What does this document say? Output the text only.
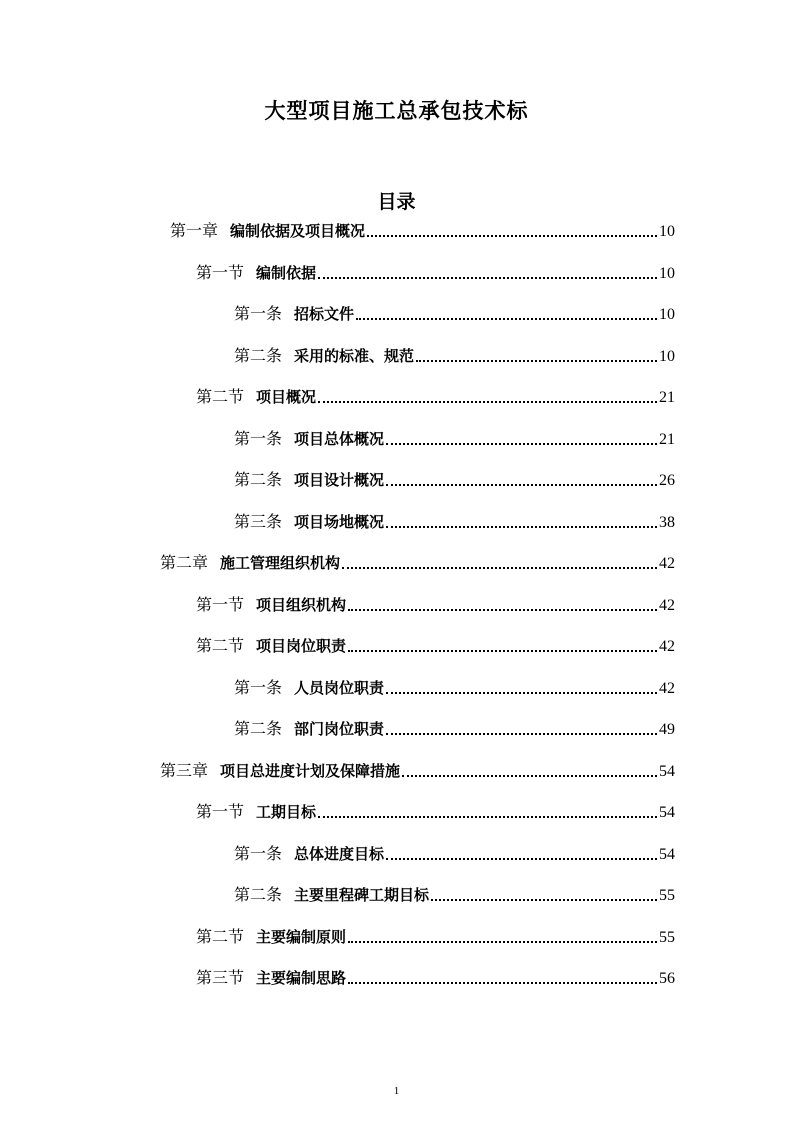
大型项目施工总承包技术标
目录
第一章 编制依据及项目概况	10
第一节 编制依据	10
第一条 招标文件	10
第二条 采用的标准、规范	10
第二节 项目概况	21
第一条 项目总体概况	21
第二条 项目设计概况	26
第三条 项目场地概况	38
第二章 施工管理组织机构	42
第一节 项目组织机构	42
第二节 项目岗位职责	42
第一条 人员岗位职责	42
第二条 部门岗位职责	49
第三章 项目总进度计划及保障措施	54
第一节 工期目标	54
第一条 总体进度目标	54
第二条 主要里程碑工期目标	55
第二节 主要编制原则	55
第三节 主要编制思路	56
1
